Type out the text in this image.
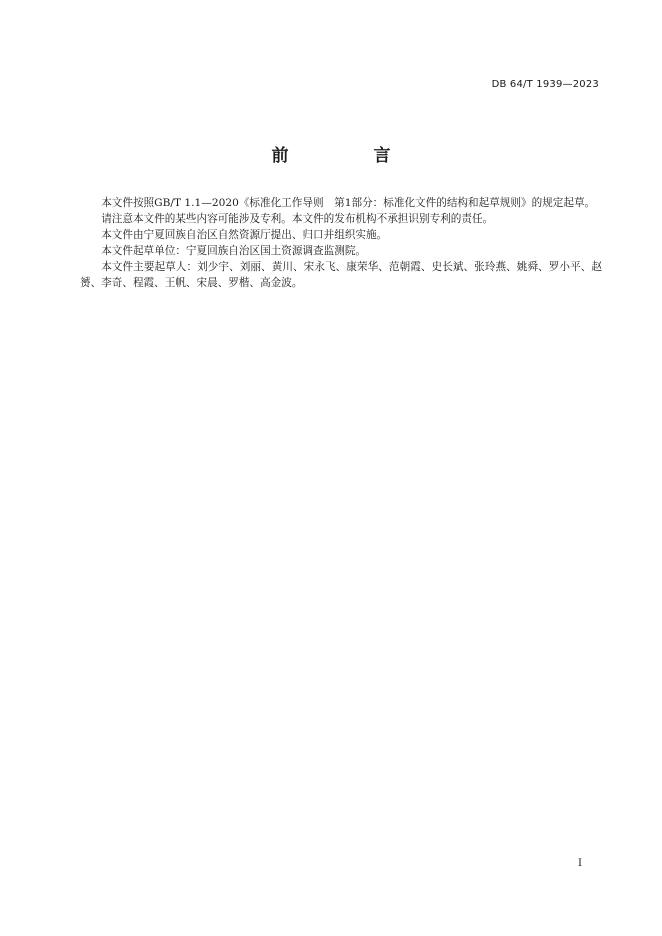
DB 64/T 1939—2023
前　言

本文件按照GB/T 1.1—2020《标准化工作导则　第1部分：标准化文件的结构和起草规则》的规定起草。

请注意本文件的某些内容可能涉及专利。本文件的发布机构不承担识别专利的责任。

本文件由宁夏回族自治区自然资源厅提出、归口并组织实施。

本文件起草单位：宁夏回族自治区国土资源调查监测院。

本文件主要起草人：刘少宇、刘丽、黄川、宋永飞、康荣华、范朝霞、史长斌、张玲燕、姚舜、罗小平、赵赟、李奇、程霞、王帆、宋晨、罗楷、高金波。

I
